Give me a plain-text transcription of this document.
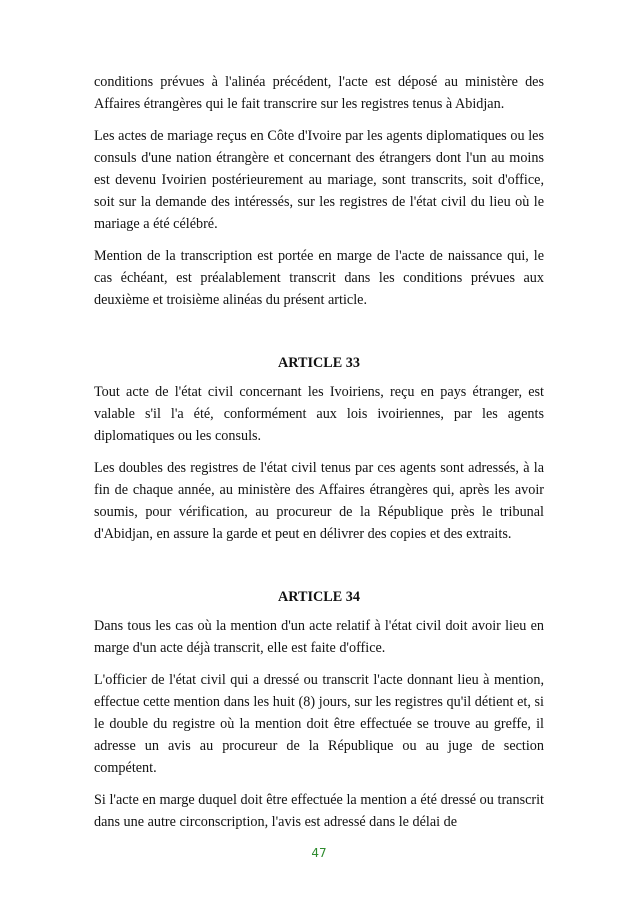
conditions prévues à l'alinéa précédent, l'acte est déposé au ministère des Affaires étrangères qui le fait transcrire sur les registres tenus à Abidjan.

Les actes de mariage reçus en Côte d'Ivoire par les agents diplomatiques ou les consuls d'une nation étrangère et concernant des étrangers dont l'un au moins est devenu Ivoirien postérieurement au mariage, sont transcrits, soit d'office, soit sur la demande des intéressés, sur les registres de l'état civil du lieu où le mariage a été célébré.

Mention de la transcription est portée en marge de l'acte de naissance qui, le cas échéant, est préalablement transcrit dans les conditions prévues aux deuxième et troisième alinéas du présent article.

ARTICLE 33

Tout acte de l'état civil concernant les Ivoiriens, reçu en pays étranger, est valable s'il l'a été, conformément aux lois ivoiriennes, par les agents diplomatiques ou les consuls.

Les doubles des registres de l'état civil tenus par ces agents sont adressés, à la fin de chaque année, au ministère des Affaires étrangères qui, après les avoir soumis, pour vérification, au procureur de la République près le tribunal d'Abidjan, en assure la garde et peut en délivrer des copies et des extraits.

ARTICLE 34

Dans tous les cas où la mention d'un acte relatif à l'état civil doit avoir lieu en marge d'un acte déjà transcrit, elle est faite d'office.

L'officier de l'état civil qui a dressé ou transcrit l'acte donnant lieu à mention, effectue cette mention dans les huit (8) jours, sur les registres qu'il détient et, si le double du registre où la mention doit être effectuée se trouve au greffe, il adresse un avis au procureur de la République ou au juge de section compétent.

Si l'acte en marge duquel doit être effectuée la mention a été dressé ou transcrit dans une autre circonscription, l'avis est adressé dans le délai de

47
